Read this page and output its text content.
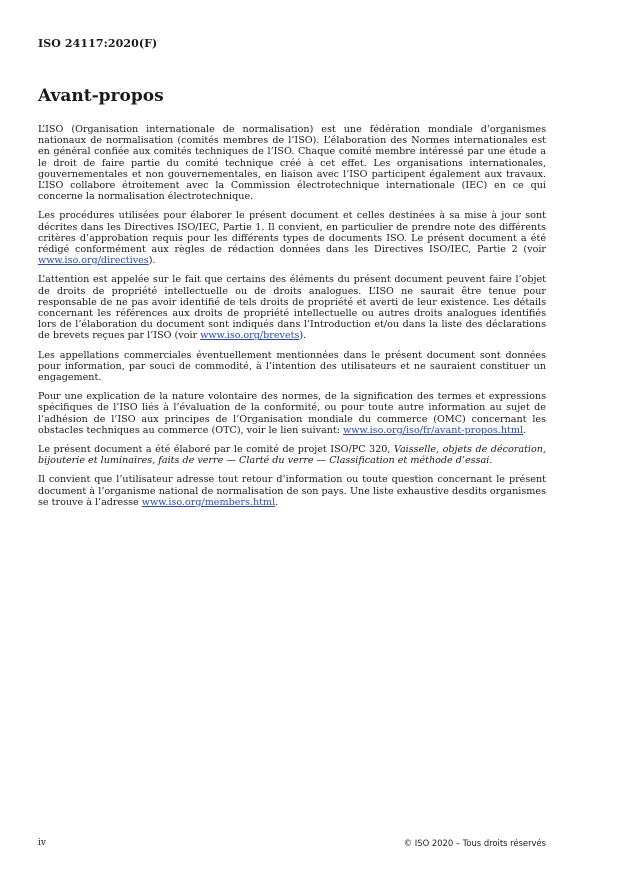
ISO 24117:2020(F)
Avant-propos

L’ISO (Organisation internationale de normalisation) est une fédération mondiale d’organismes nationaux de normalisation (comités membres de l’ISO). L’élaboration des Normes internationales est en général confiée aux comités techniques de l’ISO. Chaque comité membre intéressé par une étude a le droit de faire partie du comité technique créé à cet effet. Les organisations internationales, gouvernementales et non gouvernementales, en liaison avec l’ISO participent également aux travaux. L’ISO collabore étroitement avec la Commission électrotechnique internationale (IEC) en ce qui concerne la normalisation électrotechnique.

Les procédures utilisées pour élaborer le présent document et celles destinées à sa mise à jour sont décrites dans les Directives ISO/IEC, Partie 1. Il convient, en particulier de prendre note des différents critères d’approbation requis pour les différents types de documents ISO. Le présent document a été rédigé conformément aux règles de rédaction données dans les Directives ISO/IEC, Partie 2 (voir www.iso.org/directives).

L’attention est appelée sur le fait que certains des éléments du présent document peuvent faire l’objet de droits de propriété intellectuelle ou de droits analogues. L’ISO ne saurait être tenue pour responsable de ne pas avoir identifié de tels droits de propriété et averti de leur existence. Les détails concernant les références aux droits de propriété intellectuelle ou autres droits analogues identifiés lors de l’élaboration du document sont indiqués dans l’Introduction et/ou dans la liste des déclarations de brevets reçues par l’ISO (voir www.iso.org/brevets).

Les appellations commerciales éventuellement mentionnées dans le présent document sont données pour information, par souci de commodité, à l’intention des utilisateurs et ne sauraient constituer un engagement.

Pour une explication de la nature volontaire des normes, de la signification des termes et expressions spécifiques de l’ISO liés à l’évaluation de la conformité, ou pour toute autre information au sujet de l’adhésion de l’ISO aux principes de l’Organisation mondiale du commerce (OMC) concernant les obstacles techniques au commerce (OTC), voir le lien suivant: www.iso.org/iso/fr/avant-propos.html.

Le présent document a été élaboré par le comité de projet ISO/PC 320, Vaisselle, objets de décoration, bijouterie et luminaires, faits de verre — Clarté du verre — Classification et méthode d’essai.

Il convient que l’utilisateur adresse tout retour d’information ou toute question concernant le présent document à l’organisme national de normalisation de son pays. Une liste exhaustive desdits organismes se trouve à l’adresse www.iso.org/members.html.

iv	© ISO 2020 – Tous droits réservés
